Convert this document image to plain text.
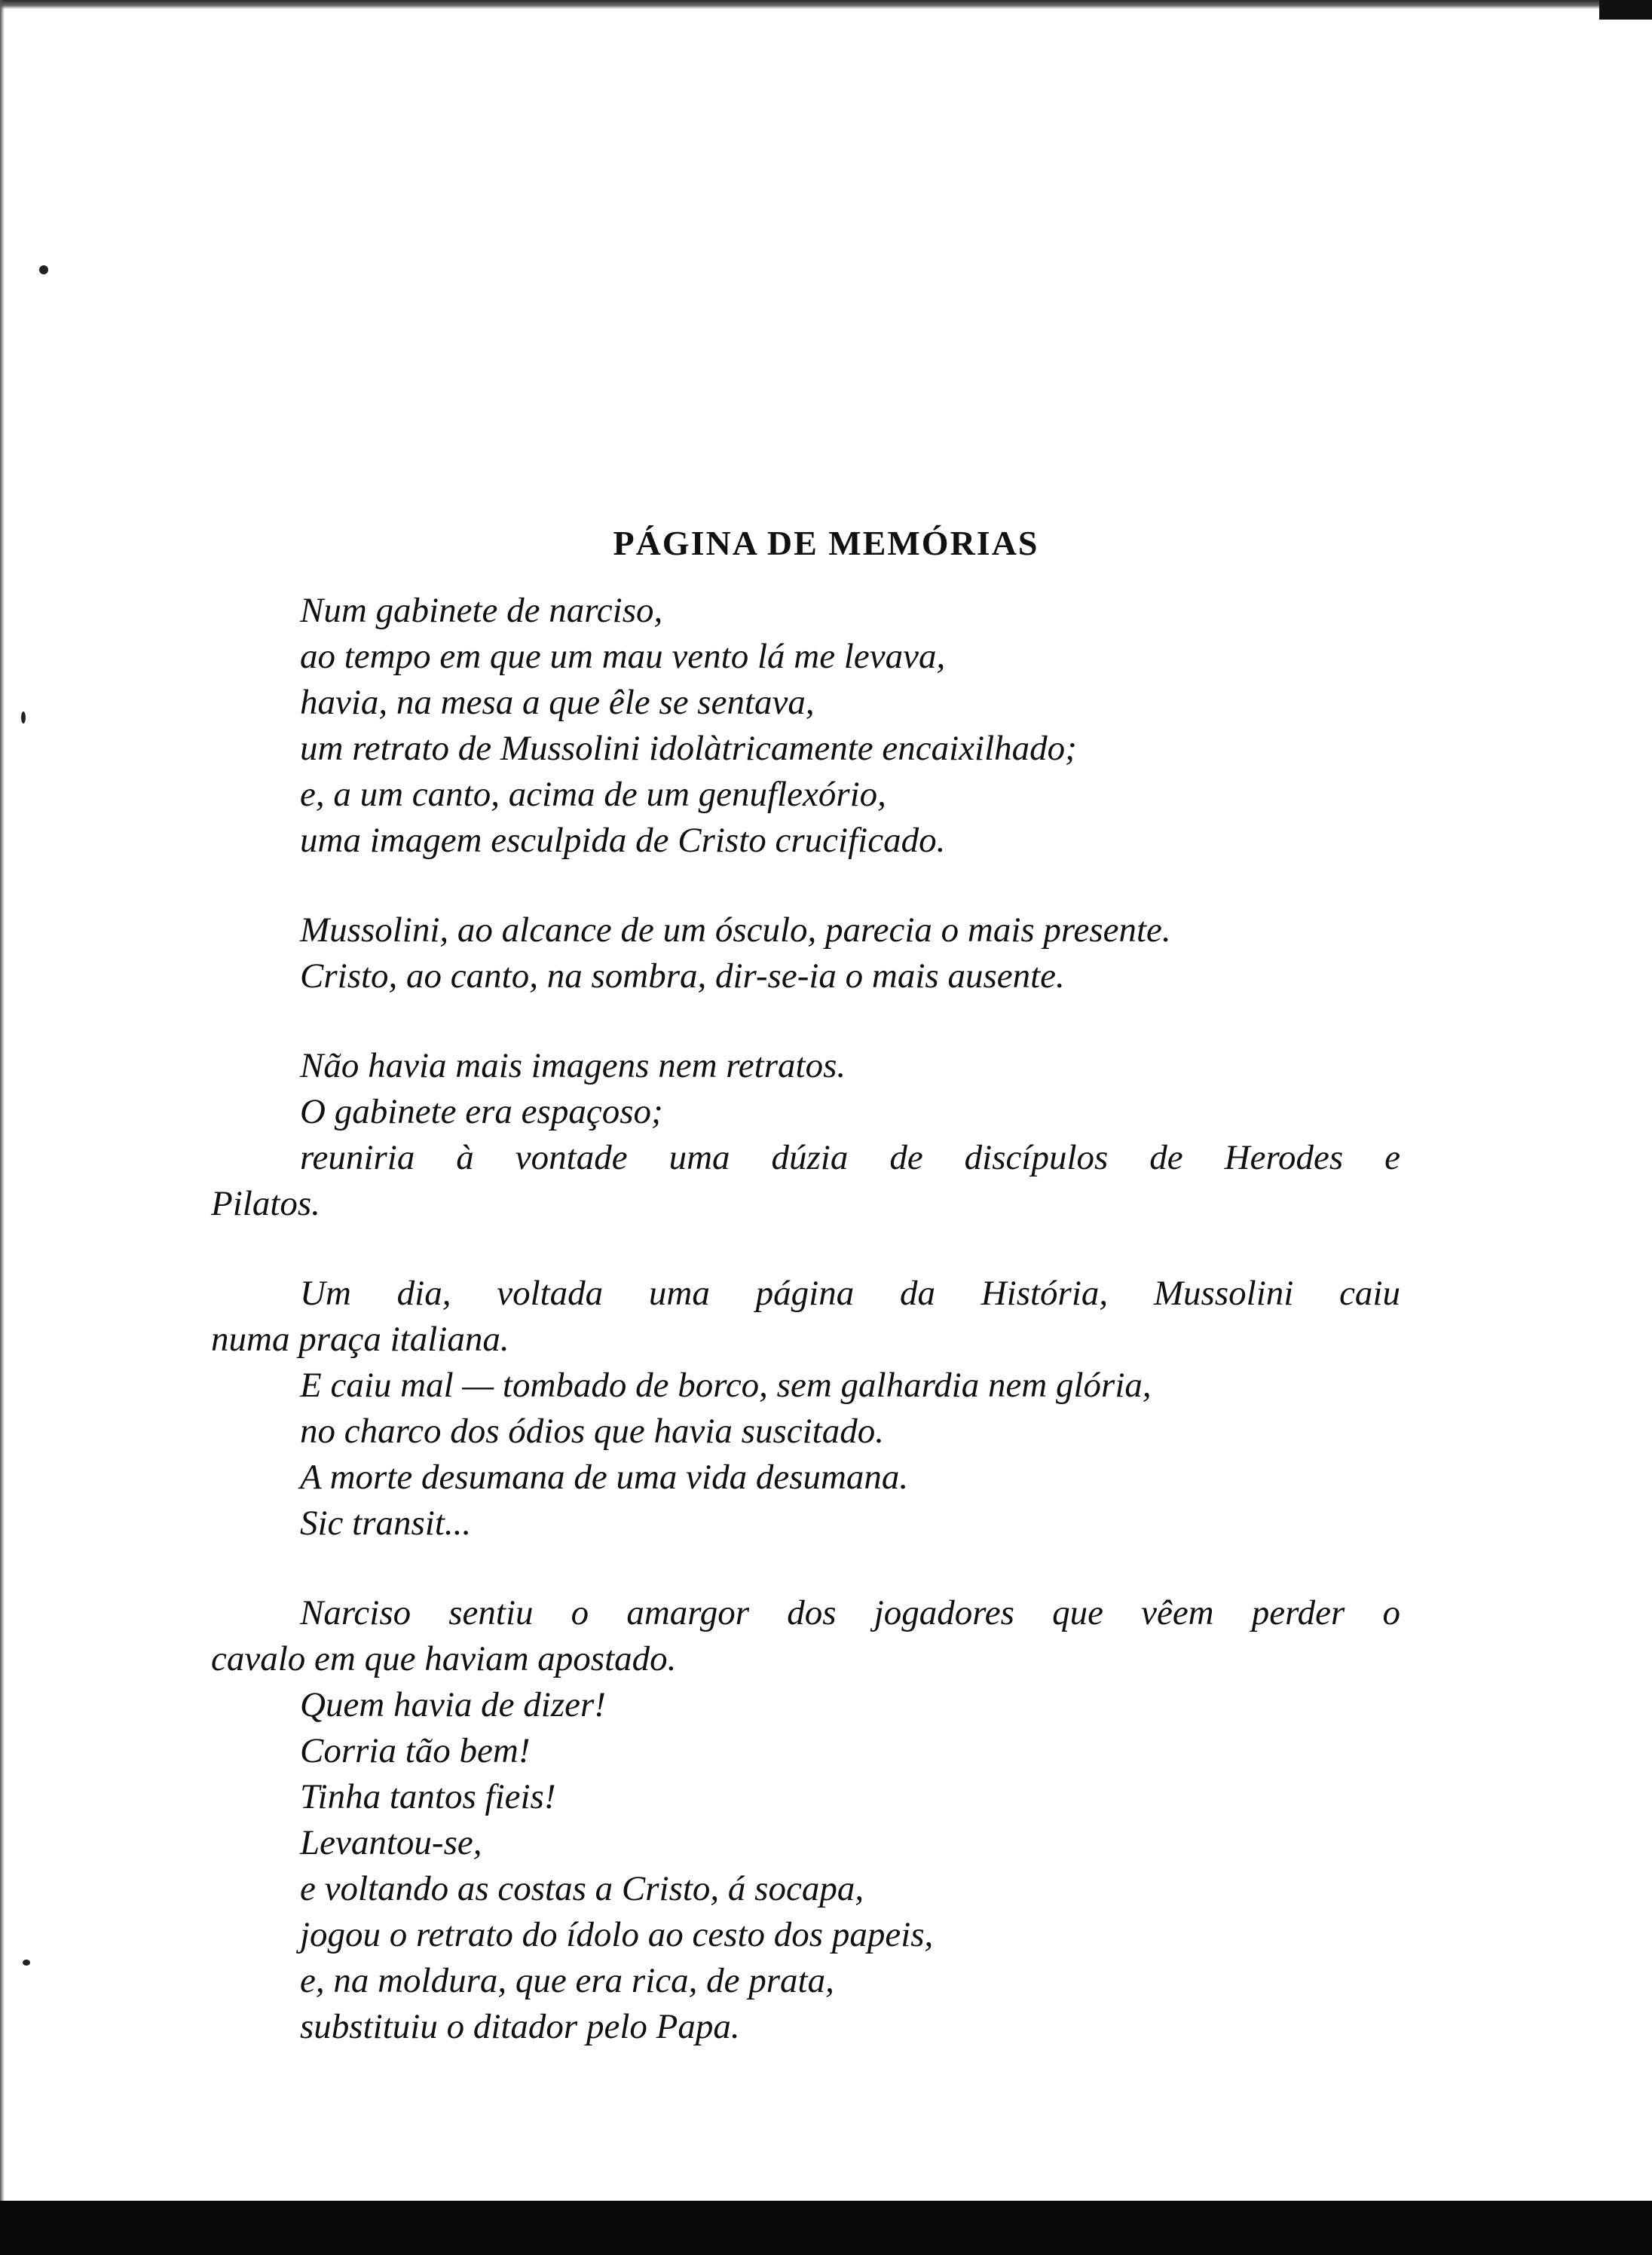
PÁGINA DE MEMÓRIAS
Num gabinete de narciso,
ao tempo em que um mau vento lá me levava,
havia, na mesa a que êle se sentava,
um retrato de Mussolini idolàtricamente encaixilhado;
e, a um canto, acima de um genuflexório,
uma imagem esculpida de Cristo crucificado.
Mussolini, ao alcance de um ósculo, parecia o mais presente.
Cristo, ao canto, na sombra, dir-se-ia o mais ausente.
Não havia mais imagens nem retratos.
O gabinete era espaçoso;
reuniria à vontade uma dúzia de discípulos de Herodes e
Pilatos.
Um dia, voltada uma página da História, Mussolini caiu
numa praça italiana.
E caiu mal — tombado de borco, sem galhardia nem glória,
no charco dos ódios que havia suscitado.
A morte desumana de uma vida desumana.
Sic transit...
Narciso sentiu o amargor dos jogadores que vêem perder o
cavalo em que haviam apostado.
Quem havia de dizer!
Corria tão bem!
Tinha tantos fieis!
Levantou-se,
e voltando as costas a Cristo, á socapa,
jogou o retrato do ídolo ao cesto dos papeis,
e, na moldura, que era rica, de prata,
substituiu o ditador pelo Papa.
